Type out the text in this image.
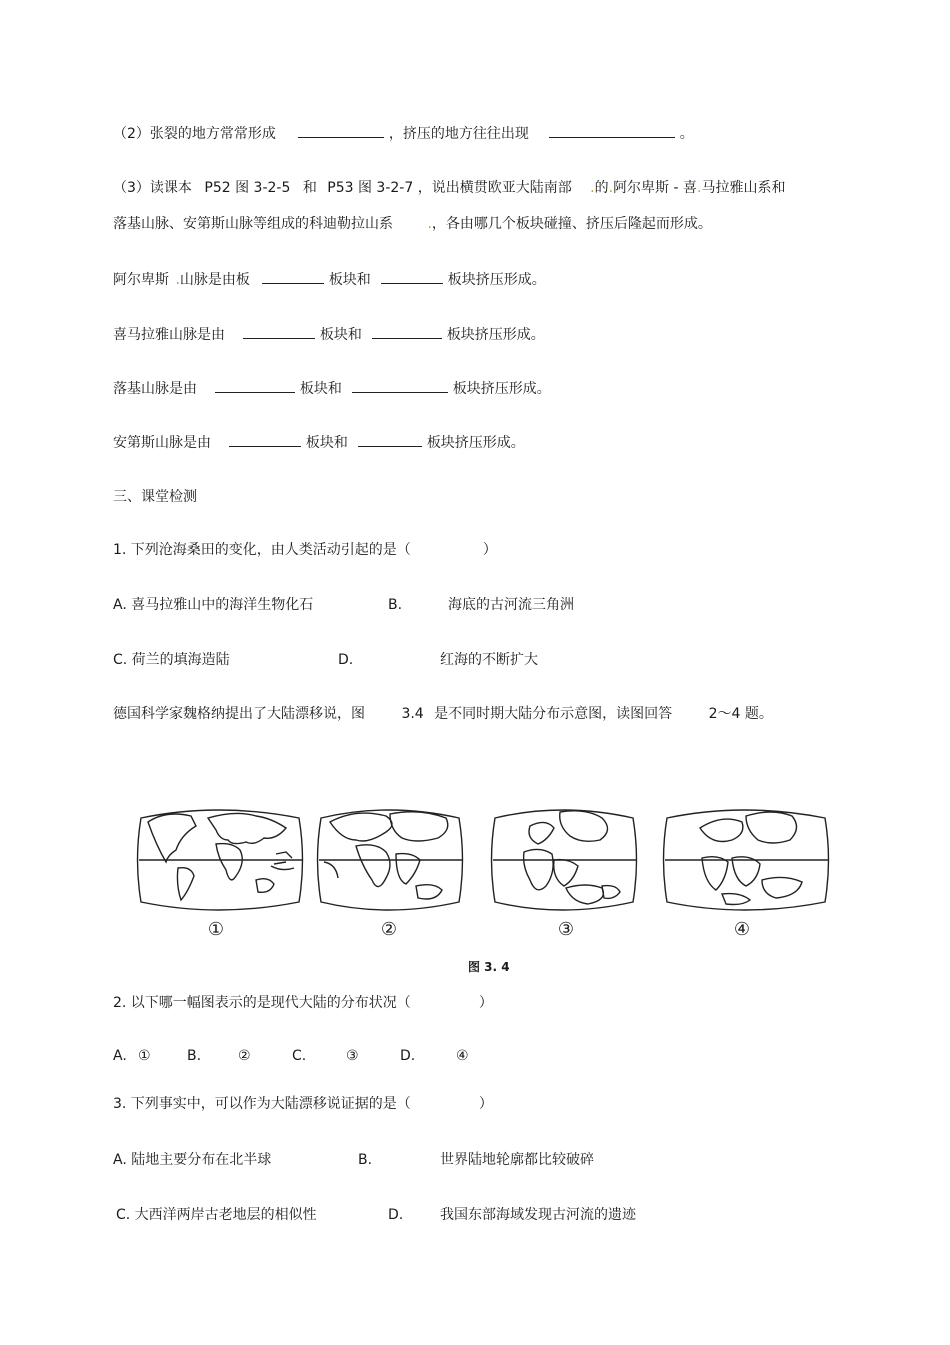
（2）张裂的地方常常形成	，挤压的地方往往出现	。
（3）读课本 P52 图 3-2-5 和 P53 图 3-2-7 ，说出横贯欧亚大陆南部 .的.阿尔卑斯 - 喜.马拉雅山系和
落基山脉、安第斯山脉等组成的科迪勒拉山系 .，各由哪几个板块碰撞、挤压后隆起而形成。
阿尔卑斯 .山脉是由板	板块和	板块挤压形成。
喜马拉雅山脉是由	板块和	板块挤压形成。
落基山脉是由	板块和	板块挤压形成。
安第斯山脉是由	板块和	板块挤压形成。
三、课堂检测
1. 下列沧海桑田的变化，由人类活动引起的是（	）
A. 喜马拉雅山中的海洋生物化石	B.	海底的古河流三角洲
C. 荷兰的填海造陆	D.	红海的不断扩大
德国科学家魏格纳提出了大陆漂移说，图	3.4 是不同时期大陆分布示意图，读图回答	2～4 题。
①	②	③	④
图 3. 4
2. 以下哪一幅图表示的是现代大陆的分布状况（	）
A. ①	B.	②	C.	③	D.	④
3. 下列事实中，可以作为大陆漂移说证据的是（	）
A. 陆地主要分布在北半球	B.	世界陆地轮廓都比较破碎
C. 大西洋两岸古老地层的相似性	D.	我国东部海域发现古河流的遗迹
